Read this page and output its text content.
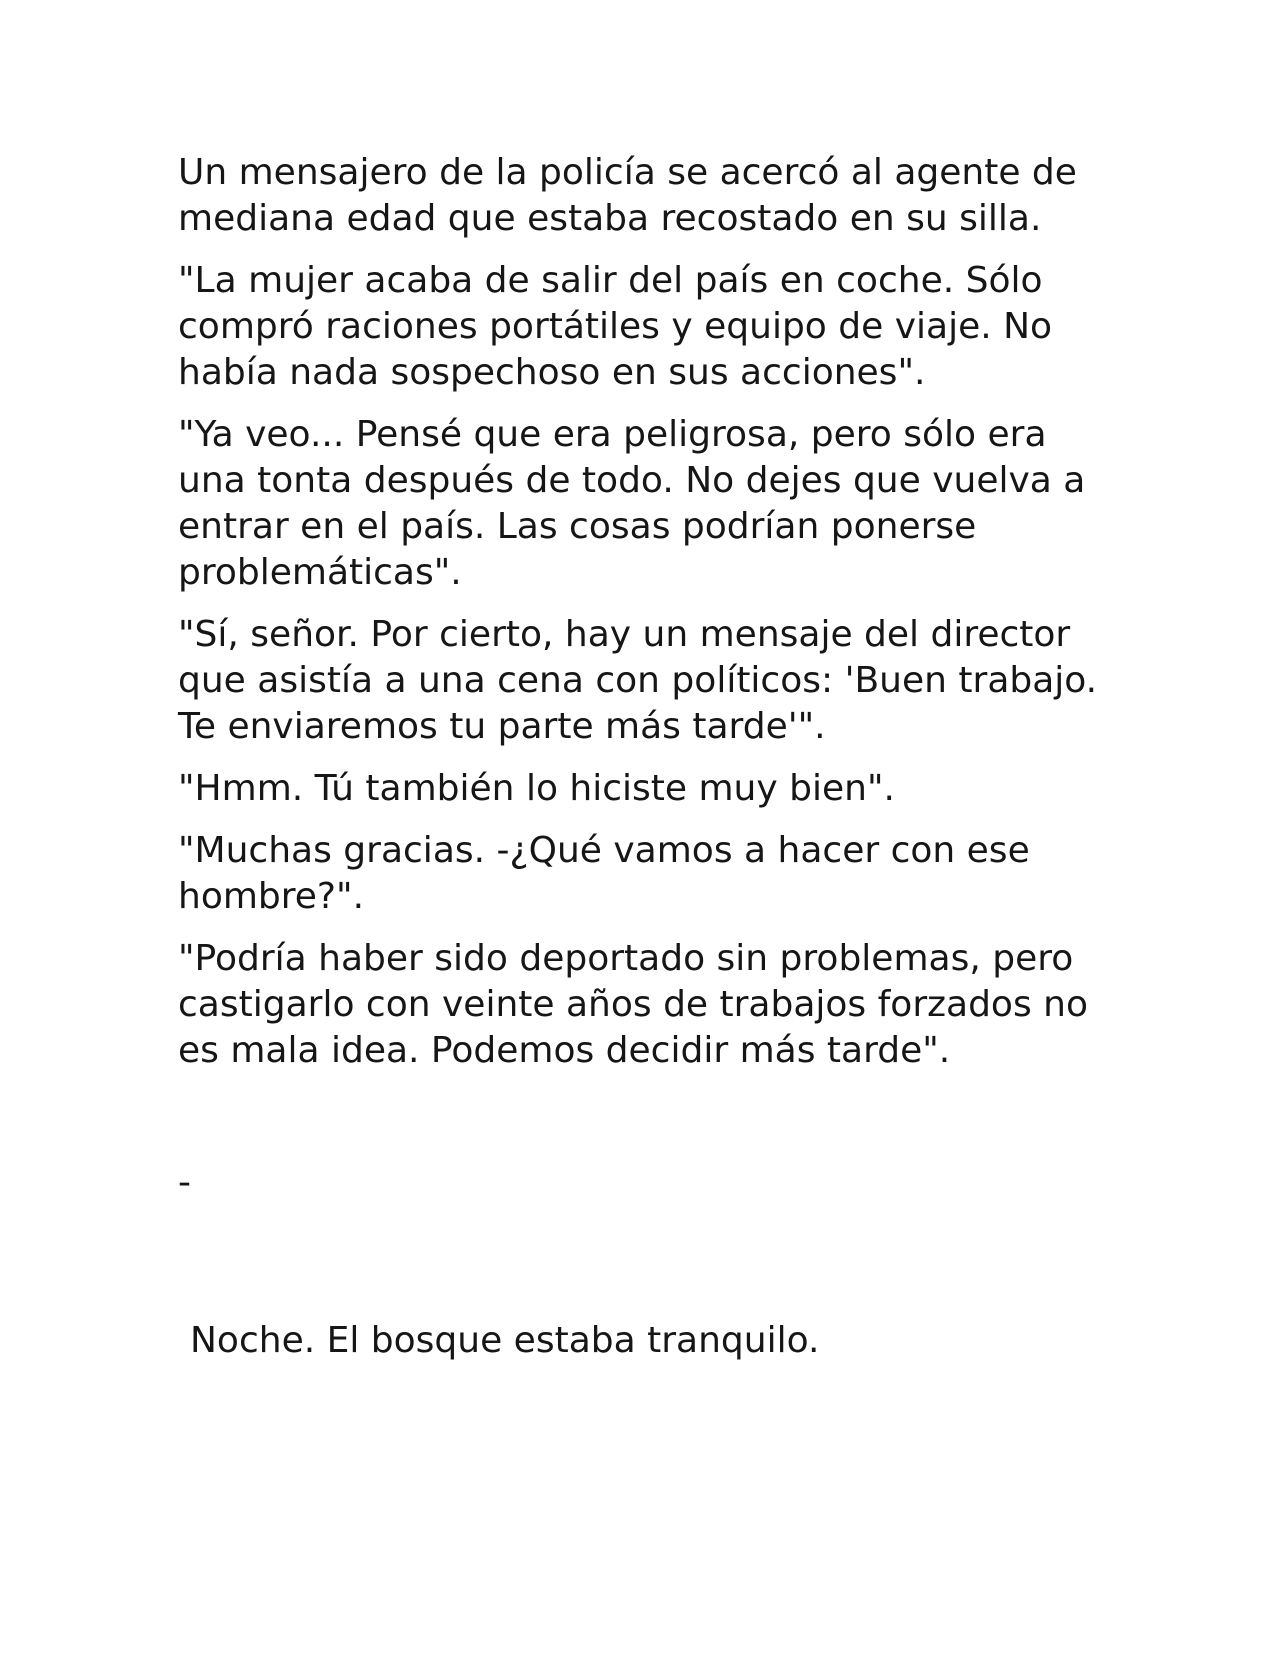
Un mensajero de la policía se acercó al agente de mediana edad que estaba recostado en su silla.

"La mujer acaba de salir del país en coche. Sólo compró raciones portátiles y equipo de viaje. No había nada sospechoso en sus acciones".

"Ya veo... Pensé que era peligrosa, pero sólo era una tonta después de todo. No dejes que vuelva a entrar en el país. Las cosas podrían ponerse problemáticas".

"Sí, señor. Por cierto, hay un mensaje del director que asistía a una cena con políticos: 'Buen trabajo. Te enviaremos tu parte más tarde'".

"Hmm. Tú también lo hiciste muy bien".

"Muchas gracias. -¿Qué vamos a hacer con ese hombre?".

"Podría haber sido deportado sin problemas, pero castigarlo con veinte años de trabajos forzados no es mala idea. Podemos decidir más tarde".

-

Noche. El bosque estaba tranquilo.
